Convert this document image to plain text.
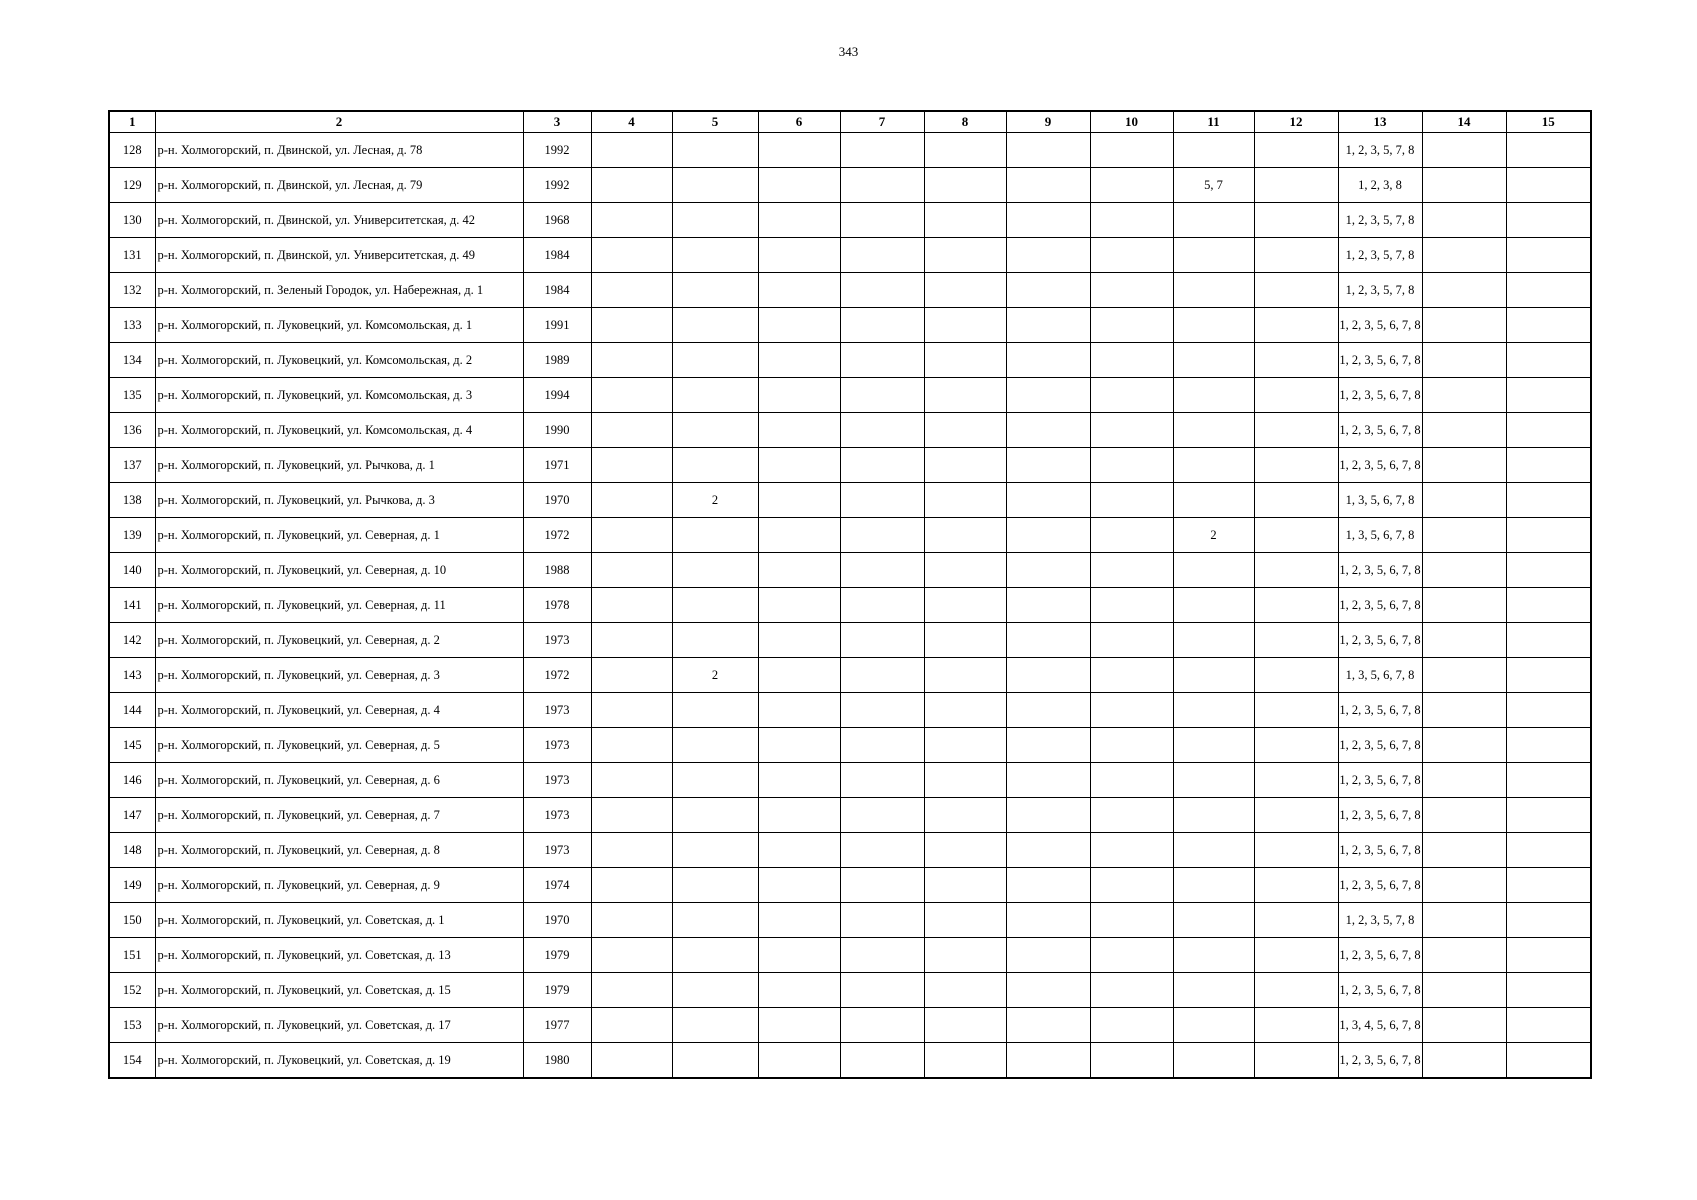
343
1	2	3	4	5	6	7	8	9	10	11	12	13	14	15
128	р-н. Холмогорский, п. Двинской, ул. Лесная, д. 78	1992										1, 2, 3, 5, 7, 8		
129	р-н. Холмогорский, п. Двинской, ул. Лесная, д. 79	1992								5, 7		1, 2, 3, 8		
130	р-н. Холмогорский, п. Двинской, ул. Университетская, д. 42	1968										1, 2, 3, 5, 7, 8		
131	р-н. Холмогорский, п. Двинской, ул. Университетская, д. 49	1984										1, 2, 3, 5, 7, 8		
132	р-н. Холмогорский, п. Зеленый Городок, ул. Набережная, д. 1	1984										1, 2, 3, 5, 7, 8		
133	р-н. Холмогорский, п. Луковецкий, ул. Комсомольская, д. 1	1991										1, 2, 3, 5, 6, 7, 8		
134	р-н. Холмогорский, п. Луковецкий, ул. Комсомольская, д. 2	1989										1, 2, 3, 5, 6, 7, 8		
135	р-н. Холмогорский, п. Луковецкий, ул. Комсомольская, д. 3	1994										1, 2, 3, 5, 6, 7, 8		
136	р-н. Холмогорский, п. Луковецкий, ул. Комсомольская, д. 4	1990										1, 2, 3, 5, 6, 7, 8		
137	р-н. Холмогорский, п. Луковецкий, ул. Рычкова, д. 1	1971										1, 2, 3, 5, 6, 7, 8		
138	р-н. Холмогорский, п. Луковецкий, ул. Рычкова, д. 3	1970		2								1, 3, 5, 6, 7, 8		
139	р-н. Холмогорский, п. Луковецкий, ул. Северная, д. 1	1972								2		1, 3, 5, 6, 7, 8		
140	р-н. Холмогорский, п. Луковецкий, ул. Северная, д. 10	1988										1, 2, 3, 5, 6, 7, 8		
141	р-н. Холмогорский, п. Луковецкий, ул. Северная, д. 11	1978										1, 2, 3, 5, 6, 7, 8		
142	р-н. Холмогорский, п. Луковецкий, ул. Северная, д. 2	1973										1, 2, 3, 5, 6, 7, 8		
143	р-н. Холмогорский, п. Луковецкий, ул. Северная, д. 3	1972		2								1, 3, 5, 6, 7, 8		
144	р-н. Холмогорский, п. Луковецкий, ул. Северная, д. 4	1973										1, 2, 3, 5, 6, 7, 8		
145	р-н. Холмогорский, п. Луковецкий, ул. Северная, д. 5	1973										1, 2, 3, 5, 6, 7, 8		
146	р-н. Холмогорский, п. Луковецкий, ул. Северная, д. 6	1973										1, 2, 3, 5, 6, 7, 8		
147	р-н. Холмогорский, п. Луковецкий, ул. Северная, д. 7	1973										1, 2, 3, 5, 6, 7, 8		
148	р-н. Холмогорский, п. Луковецкий, ул. Северная, д. 8	1973										1, 2, 3, 5, 6, 7, 8		
149	р-н. Холмогорский, п. Луковецкий, ул. Северная, д. 9	1974										1, 2, 3, 5, 6, 7, 8		
150	р-н. Холмогорский, п. Луковецкий, ул. Советская, д. 1	1970										1, 2, 3, 5, 7, 8		
151	р-н. Холмогорский, п. Луковецкий, ул. Советская, д. 13	1979										1, 2, 3, 5, 6, 7, 8		
152	р-н. Холмогорский, п. Луковецкий, ул. Советская, д. 15	1979										1, 2, 3, 5, 6, 7, 8		
153	р-н. Холмогорский, п. Луковецкий, ул. Советская, д. 17	1977										1, 3, 4, 5, 6, 7, 8		
154	р-н. Холмогорский, п. Луковецкий, ул. Советская, д. 19	1980										1, 2, 3, 5, 6, 7, 8		
